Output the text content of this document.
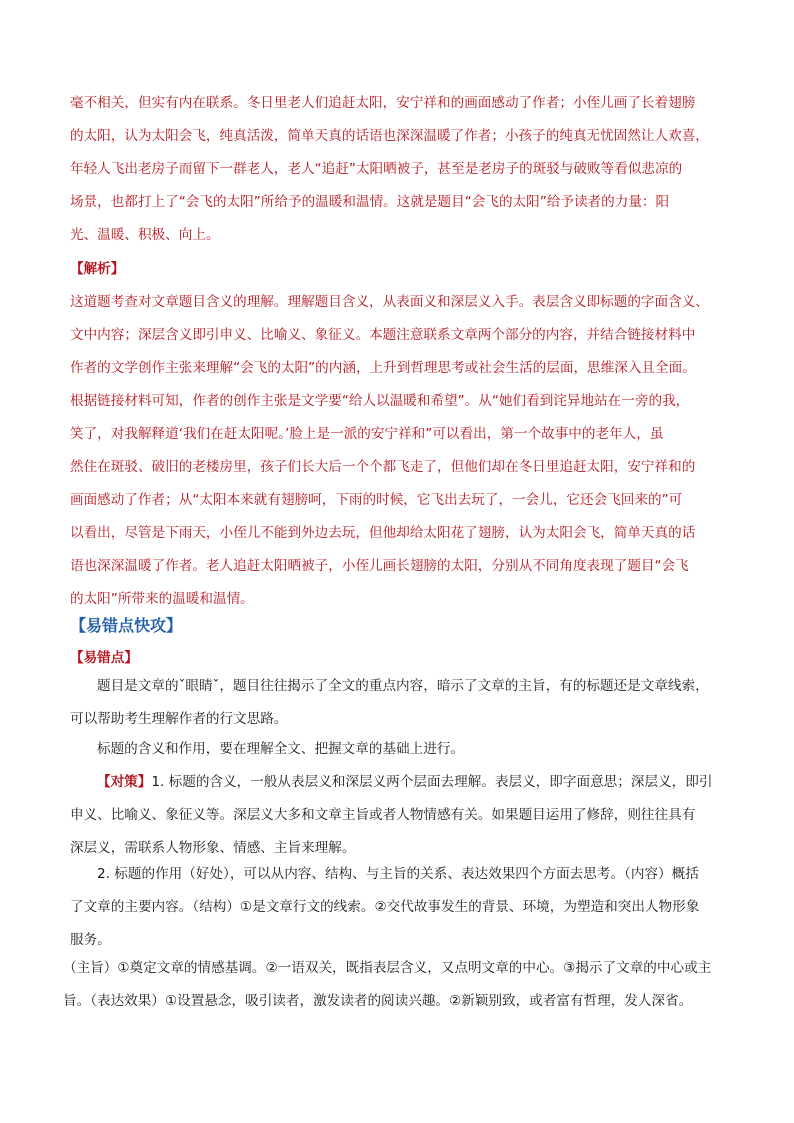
毫不相关，但实有内在联系。冬日里老人们追赶太阳，安宁祥和的画面感动了作者；小侄儿画了长着翅膀
的太阳，认为太阳会飞，纯真活泼，简单天真的话语也深深温暖了作者；小孩子的纯真无忧固然让人欢喜，
年轻人飞出老房子而留下一群老人，老人“追赶”太阳晒被子，甚至是老房子的斑驳与破败等看似悲凉的
场景，也都打上了“会飞的太阳”所给予的温暖和温情。这就是题目“会飞的太阳”给予读者的力量：阳
光、温暖、积极、向上。
【解析】
这道题考查对文章题目含义的理解。理解题目含义，从表面义和深层义入手。表层含义即标题的字面含义、
文中内容；深层含义即引申义、比喻义、象征义。本题注意联系文章两个部分的内容，并结合链接材料中
作者的文学创作主张来理解“会飞的太阳”的内涵，上升到哲理思考或社会生活的层面，思维深入且全面。
根据链接材料可知，作者的创作主张是文学要“给人以温暖和希望”。从“她们看到诧异地站在一旁的我，
笑了，对我解释道‘我们在赶太阳呢。’脸上是一派的安宁祥和”可以看出，第一个故事中的老年人，虽
然住在斑驳、破旧的老楼房里，孩子们长大后一个个都飞走了，但他们却在冬日里追赶太阳，安宁祥和的
画面感动了作者；从“太阳本来就有翅膀呵，下雨的时候，它飞出去玩了，一会儿，它还会飞回来的”可
以看出，尽管是下雨天，小侄儿不能到外边去玩，但他却给太阳花了翅膀，认为太阳会飞，简单天真的话
语也深深温暖了作者。老人追赶太阳晒被子，小侄儿画长翅膀的太阳，分别从不同角度表现了题目“会飞
的太阳”所带来的温暖和温情。
【易错点快攻】
【易错点】
题目是文章的ˇ眼睛ˇ，题目往往揭示了全文的重点内容，暗示了文章的主旨，有的标题还是文章线索，
可以帮助考生理解作者的行文思路。
标题的含义和作用，要在理解全文、把握文章的基础上进行。
【对策】1. 标题的含义，一般从表层义和深层义两个层面去理解。表层义，即字面意思；深层义，即引
申义、比喻义、象征义等。深层义大多和文章主旨或者人物情感有关。如果题目运用了修辞，则往往具有
深层义，需联系人物形象、情感、主旨来理解。
2. 标题的作用（好处），可以从内容、结构、与主旨的关系、表达效果四个方面去思考。（内容）概括
了文章的主要内容。（结构）①是文章行文的线索。②交代故事发生的背景、环境，为塑造和突出人物形象
服务。
（主旨）①奠定文章的情感基调。②一语双关，既指表层含义，又点明文章的中心。③揭示了文章的中心或主
旨。（表达效果）①设置悬念，吸引读者，激发读者的阅读兴趣。②新颖别致，或者富有哲理，发人深省。
